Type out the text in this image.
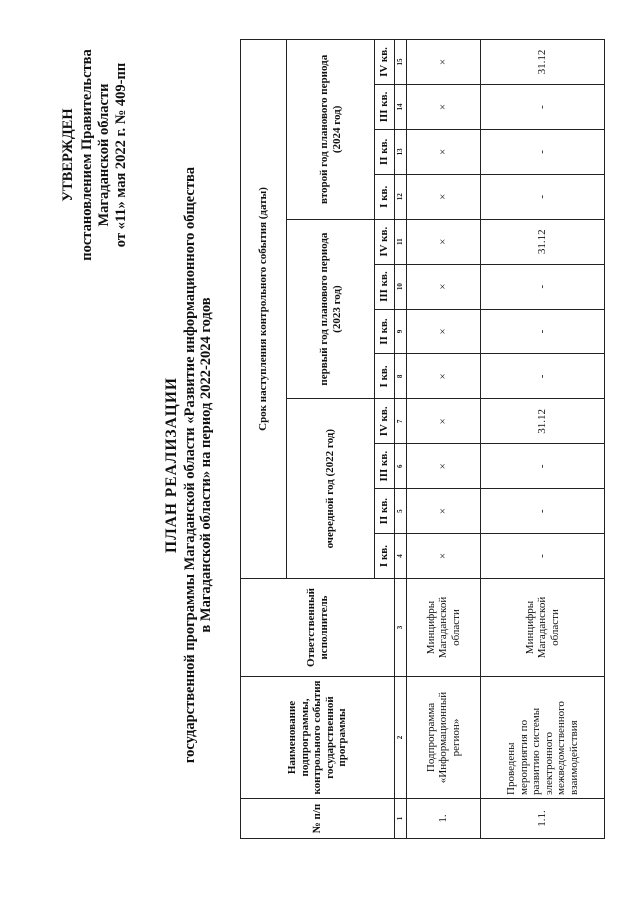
УТВЕРЖДЕН постановлением Правительства Магаданской области от «11» мая 2022 г. № 409-пп
ПЛАН РЕАЛИЗАЦИИ государственной программы Магаданской области «Развитие информационного общества в Магаданской области» на период 2022-2024 годов
№ п/п	Наименование подпрограммы, контрольного события государственной программы	Ответственный исполнитель	Срок наступления контрольного события (даты)											
			очередной год (2022 год)				первый год планового периода (2023 год)				второй год планового периода (2024 год)			
			I кв.	II кв.	III кв.	IV кв.	I кв.	II кв.	III кв.	IV кв.	I кв.	II кв.	III кв.	IV кв.
1	2	3	4	5	6	7	8	9	10	11	12	13	14	15
1.	Подпрограмма «Информационный регион»	Минцифры Магаданской области	×	×	×	×	×	×	×	×	×	×	×	×
1.1.	Проведены мероприятия по развитию системы электронного межведомственного взаимодействия	Минцифры Магаданской области	-	-	-	31.12	-	-	-	31.12	-	-	-	31.12
